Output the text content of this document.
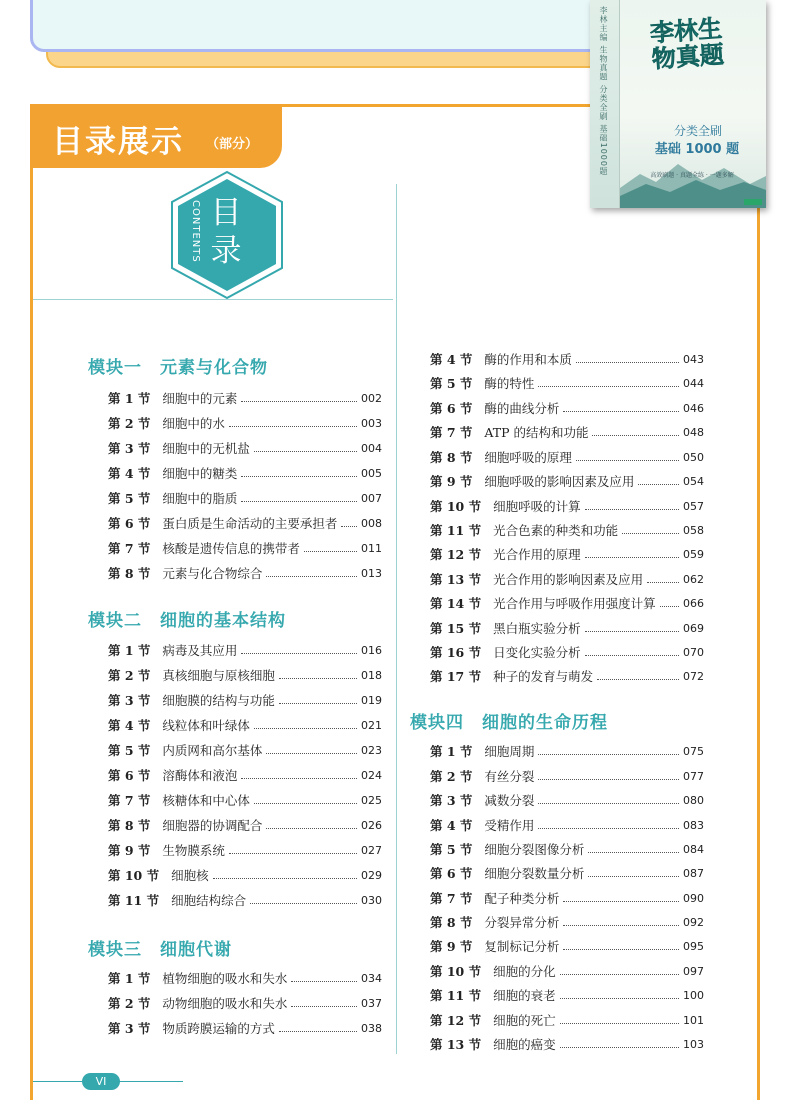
李林主编 生物真题 分类全刷 基础1000题	李林生物真题
分类全刷
基础 1000 题
高效刷题 · 真题全练 · 一题多解
目录展示 （部分）
CONTENTS 目录
模块一　元素与化合物
第 1 节 细胞中的元素	002
第 2 节 细胞中的水	003
第 3 节 细胞中的无机盐	004
第 4 节 细胞中的糖类	005
第 5 节 细胞中的脂质	007
第 6 节 蛋白质是生命活动的主要承担者 008
第 7 节 核酸是遗传信息的携带者	011
第 8 节 元素与化合物综合	013
模块二　细胞的基本结构
第 1 节 病毒及其应用	016
第 2 节 真核细胞与原核细胞	018
第 3 节 细胞膜的结构与功能	019
第 4 节 线粒体和叶绿体	021
第 5 节 内质网和高尔基体	023
第 6 节 溶酶体和液泡	024
第 7 节 核糖体和中心体	025
第 8 节 细胞器的协调配合	026
第 9 节 生物膜系统	027
第 10 节 细胞核	029
第 11 节 细胞结构综合	030
模块三　细胞代谢
第 1 节 植物细胞的吸水和失水	034
第 2 节 动物细胞的吸水和失水	037
第 3 节 物质跨膜运输的方式	038
第 4 节 酶的作用和本质	043
第 5 节 酶的特性	044
第 6 节 酶的曲线分析	046
第 7 节 ATP 的结构和功能	048
第 8 节 细胞呼吸的原理	050
第 9 节 细胞呼吸的影响因素及应用	054
第 10 节 细胞呼吸的计算	057
第 11 节 光合色素的种类和功能	058
第 12 节 光合作用的原理	059
第 13 节 光合作用的影响因素及应用	062
第 14 节 光合作用与呼吸作用强度计算 066
第 15 节 黑白瓶实验分析	069
第 16 节 日变化实验分析	070
第 17 节 种子的发育与萌发	072
模块四　细胞的生命历程
第 1 节 细胞周期	075
第 2 节 有丝分裂	077
第 3 节 减数分裂	080
第 4 节 受精作用	083
第 5 节 细胞分裂图像分析	084
第 6 节 细胞分裂数量分析	087
第 7 节 配子种类分析	090
第 8 节 分裂异常分析	092
第 9 节 复制标记分析	095
第 10 节 细胞的分化	097
第 11 节 细胞的衰老	100
第 12 节 细胞的死亡	101
第 13 节 细胞的癌变	103
VI
